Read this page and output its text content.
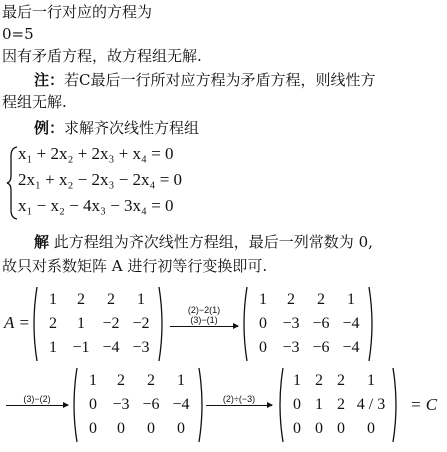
最后一行对应的方程为
0=5
因有矛盾方程，故方程组无解.
注：若C最后一行所对应方程为矛盾方程，则线性方
程组无解.
例：求解齐次线性方程组
x₁ + 2x₂ + 2x₃ + x₄ = 0
2x₁ + x₂ − 2x₃ − 2x₄ = 0
x₁ − x₂ − 4x₃ − 3x₄ = 0
解 此方程组为齐次线性方程组，最后一列常数为 0,
故只对系数矩阵 A 进行初等行变换即可.
A =
1	2	2	1
2	1	−2	−2
1	−1	−4	−3
(2)−2(1)
(3)−(1)
1	2	2	1
0	−3	−6	−4
0	−3	−6	−4
(3)−(2)
1	2	2	1
0	−3	−6	−4
0	0	0	0
(2)÷(−3)
1	2	2	1
0	1	2	4 / 3
0	0	0	0
= C
